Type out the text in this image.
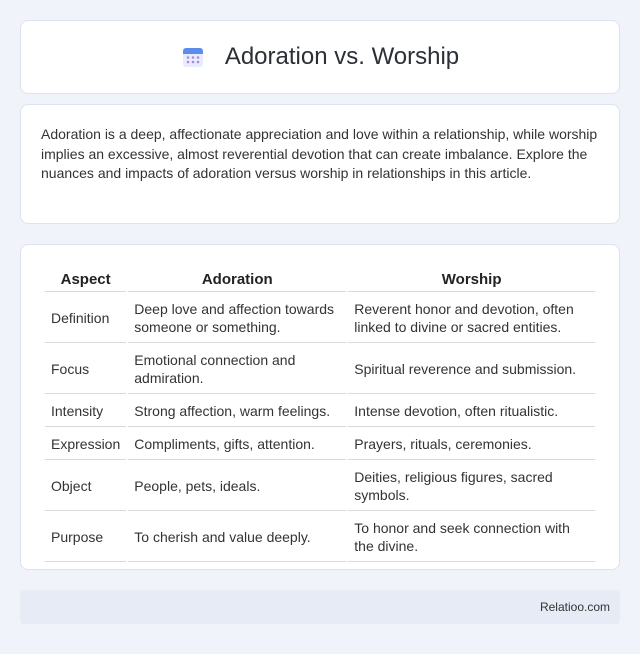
Adoration vs. Worship

Adoration is a deep, affectionate appreciation and love within a relationship, while worship implies an excessive, almost reverential devotion that can create imbalance. Explore the nuances and impacts of adoration versus worship in relationships in this article.

Aspect	Adoration	Worship
Definition	Deep love and affection towards someone or something.	Reverent honor and devotion, often linked to divine or sacred entities.
Focus	Emotional connection and admiration.	Spiritual reverence and submission.
Intensity	Strong affection, warm feelings.	Intense devotion, often ritualistic.
Expression	Compliments, gifts, attention.	Prayers, rituals, ceremonies.
Object	People, pets, ideals.	Deities, religious figures, sacred symbols.
Purpose	To cherish and value deeply.	To honor and seek connection with the divine.
Relatioo.com
